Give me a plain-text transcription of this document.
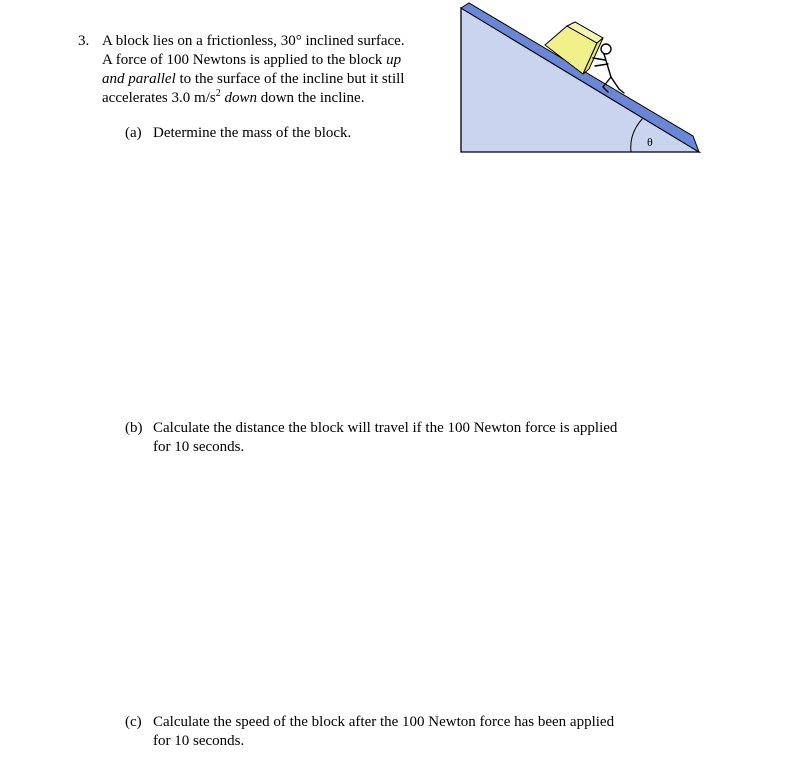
3. A block lies on a frictionless, 30° inclined surface.
A force of 100 Newtons is applied to the block up
and parallel to the surface of the incline but it still
accelerates 3.0 $m/s^2$ down down the incline.
(a) Determine the mass of the block.
(b) Calculate the distance the block will travel if the 100 Newton force is applied
for 10 seconds.
(c) Calculate the speed of the block after the 100 Newton force has been applied
for 10 seconds.
θ
